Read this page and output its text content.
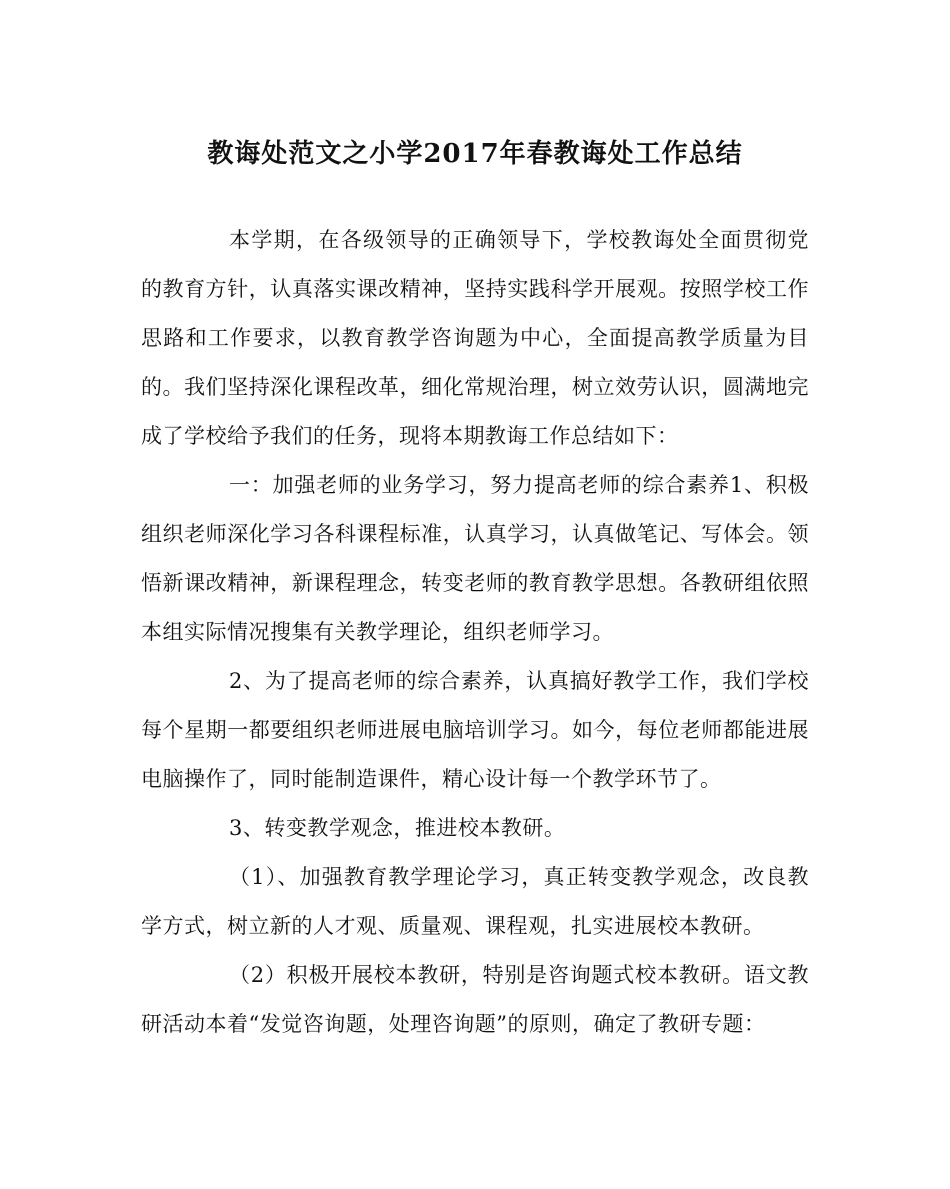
教诲处范文之小学2017年春教诲处工作总结

本学期，在各级领导的正确领导下，学校教诲处全面贯彻党的教育方针，认真落实课改精神，坚持实践科学开展观。按照学校工作思路和工作要求，以教育教学咨询题为中心，全面提高教学质量为目的。我们坚持深化课程改革，细化常规治理，树立效劳认识，圆满地完成了学校给予我们的任务，现将本期教诲工作总结如下：

一：加强老师的业务学习，努力提高老师的综合素养1、积极组织老师深化学习各科课程标准，认真学习，认真做笔记、写体会。领悟新课改精神，新课程理念，转变老师的教育教学思想。各教研组依照本组实际情况搜集有关教学理论，组织老师学习。

2、为了提高老师的综合素养，认真搞好教学工作，我们学校每个星期一都要组织老师进展电脑培训学习。如今，每位老师都能进展电脑操作了，同时能制造课件，精心设计每一个教学环节了。

3、转变教学观念，推进校本教研。

（1）、加强教育教学理论学习，真正转变教学观念，改良教学方式，树立新的人才观、质量观、课程观，扎实进展校本教研。

（2）积极开展校本教研，特别是咨询题式校本教研。语文教研活动本着“发觉咨询题，处理咨询题”的原则，确定了教研专题：
